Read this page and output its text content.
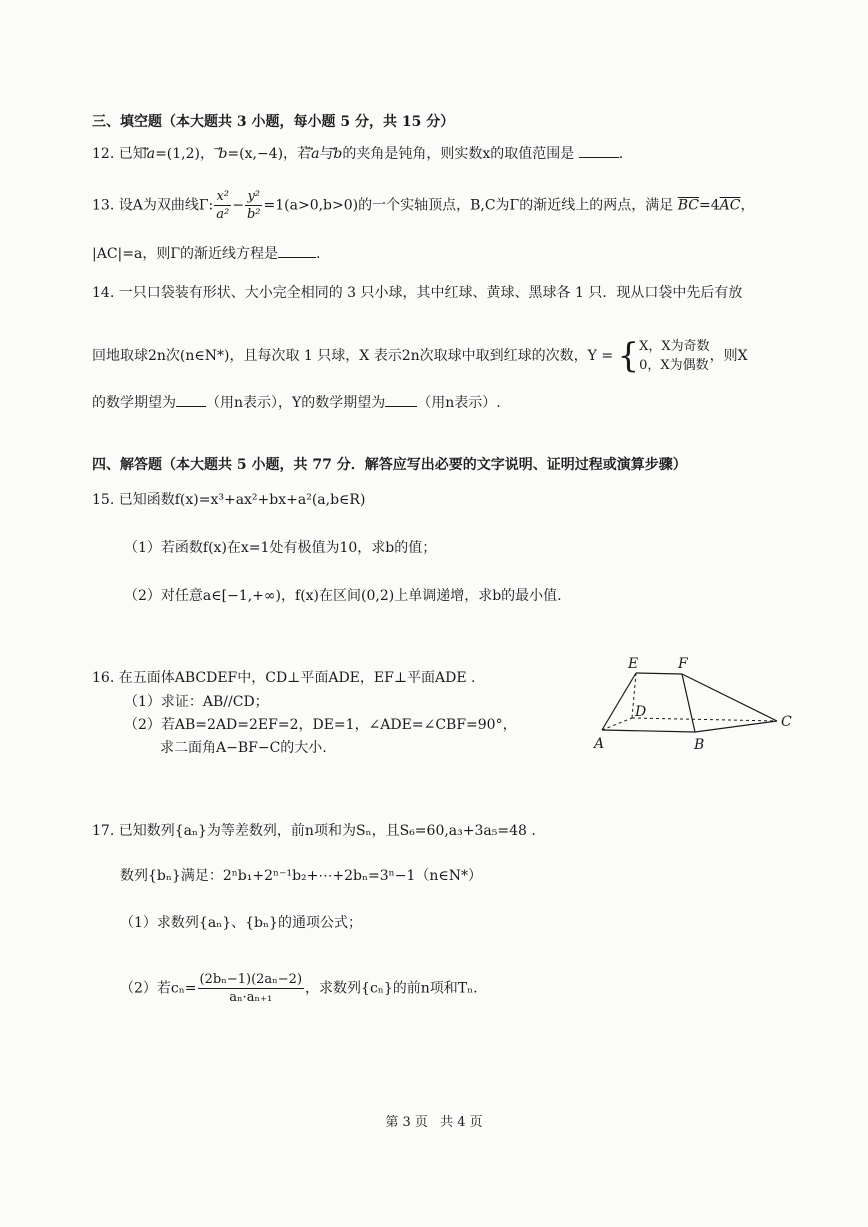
三、填空题（本大题共 3 小题，每小题 5 分，共 15 分）
12. 已知a=(1,2)， b=(x,−4)，若a与b的夹角是钝角，则实数x的取值范围是	.
13. 设A为双曲线Γ: $\frac{\text{x²}}{\text{a²}} - \frac{\text{y²}}{\text{b²}} =1(a>0,b>0)$的一个实轴顶点，B,C为Γ的渐近线上的两点，满足 $\overline{BC}=4\overline{AC}$，
|AC|=a，则Γ的渐近线方程是	.
14. 一只口袋装有形状、大小完全相同的 3 只小球，其中红球、黄球、黑球各 1 只．现从口袋中先后有放
回地取球2n次(n∈N*)，且每次取 1 只球，X 表示2n次取球中取到红球的次数，Y = { X，X为奇数
0，X为偶数
，则X
的数学期望为 （用n表示），Y的数学期望为 （用n表示）.
四、解答题（本大题共 5 小题，共 77 分．解答应写出必要的文字说明、证明过程或演算步骤）
15. 已知函数f(x)=x³+ax²+bx+a²(a,b∈R)
（1）若函数f(x)在x=1处有极值为10，求b的值；
（2）对任意a∈[−1,+∞)，f(x)在区间(0,2)上单调递增，求b的最小值.
16. 在五面体ABCDEF中，CD⊥平面ADE，EF⊥平面ADE .
（1）求证：AB//CD；
（2）若AB=2AD=2EF=2，DE=1，∠ADE=∠CBF=90°，
求二面角A−BF−C的大小.
E	F
D
C
A	B
17. 已知数列{aₙ}为等差数列，前n项和为Sₙ，且S₆=60,a₃+3a₅=48 .
数列{bₙ}满足：2ⁿb₁+2ⁿ⁻¹b₂+⋯+2bₙ=3ⁿ−1（n∈N*）
（1）求数列{aₙ}、{bₙ}的通项公式；
（2）若$c_n= \frac{\text{(2bₙ−1)(2aₙ−2)}}{\text{aₙ·aₙ₊₁}}$ ，求数列{cₙ}的前n项和Tₙ.
第 3 页 共 4 页
